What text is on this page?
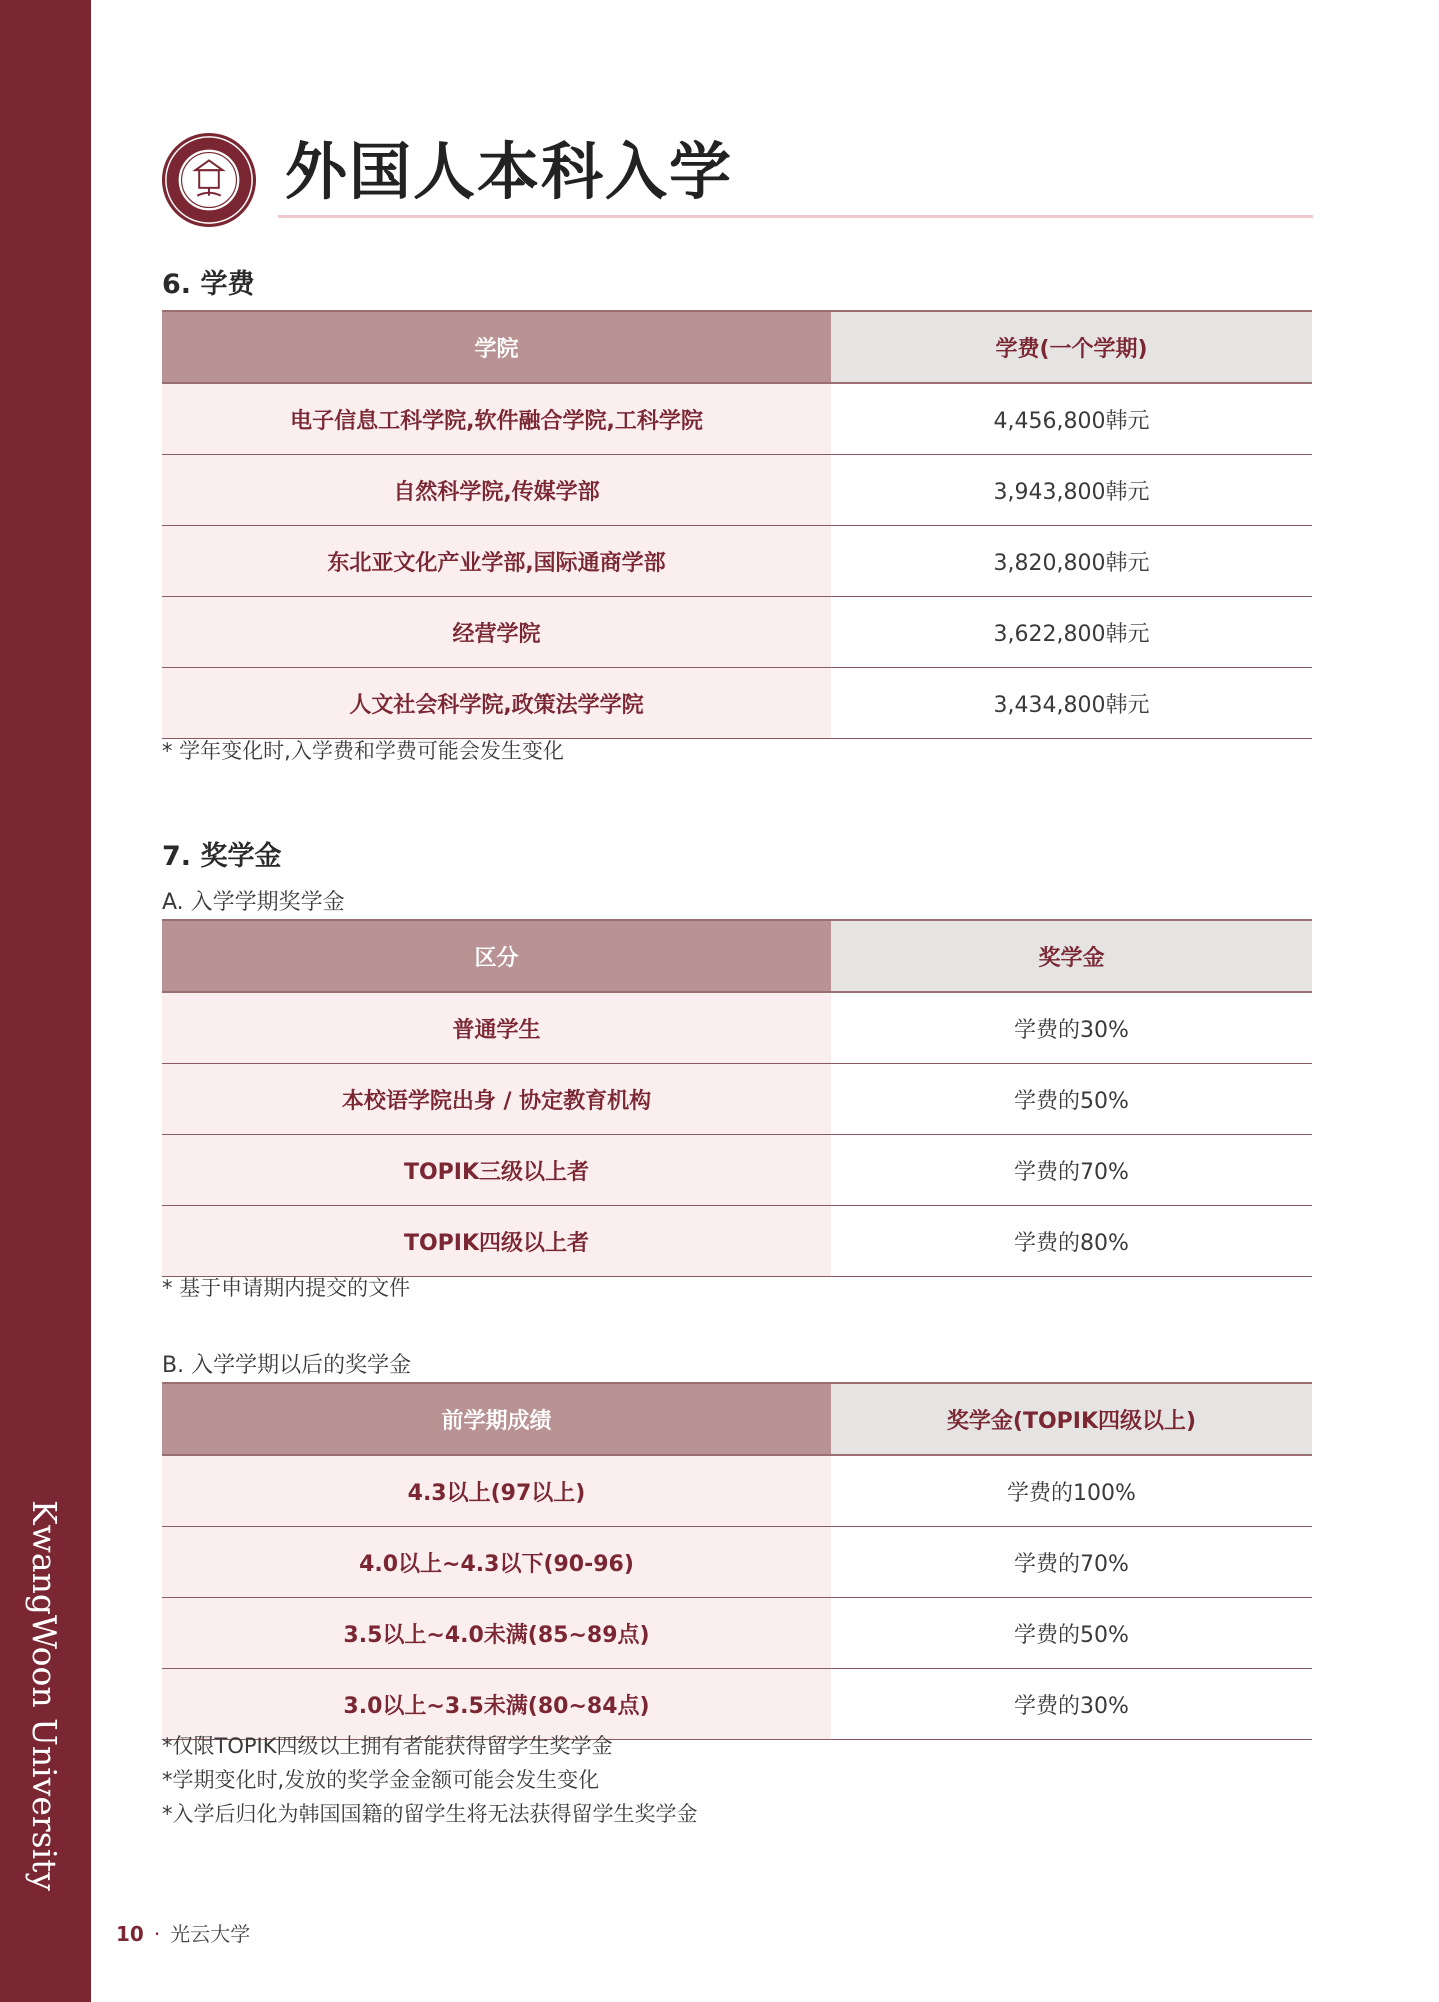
KwangWoon University
外国人本科入学
6. 学费
学院	学费(一个学期)
电子信息工科学院,软件融合学院,工科学院	4,456,800韩元
自然科学院,传媒学部	3,943,800韩元
东北亚文化产业学部,国际通商学部	3,820,800韩元
经营学院	3,622,800韩元
人文社会科学院,政策法学学院	3,434,800韩元
* 学年变化时,入学费和学费可能会发生变化
7. 奖学金
A. 入学学期奖学金
区分	奖学金
普通学生	学费的30%
本校语学院出身 / 协定教育机构	学费的50%
TOPIK三级以上者	学费的70%
TOPIK四级以上者	学费的80%
* 基于申请期内提交的文件
B. 入学学期以后的奖学金
前学期成绩	奖学金(TOPIK四级以上)
4.3以上(97以上)	学费的100%
4.0以上~4.3以下(90-96)	学费的70%
3.5以上~4.0未满(85~89点)	学费的50%
3.0以上~3.5未满(80~84点)	学费的30%
*仅限TOPIK四级以上拥有者能获得留学生奖学金
*学期变化时,发放的奖学金金额可能会发生变化
*入学后归化为韩国国籍的留学生将无法获得留学生奖学金
10 · 光云大学
